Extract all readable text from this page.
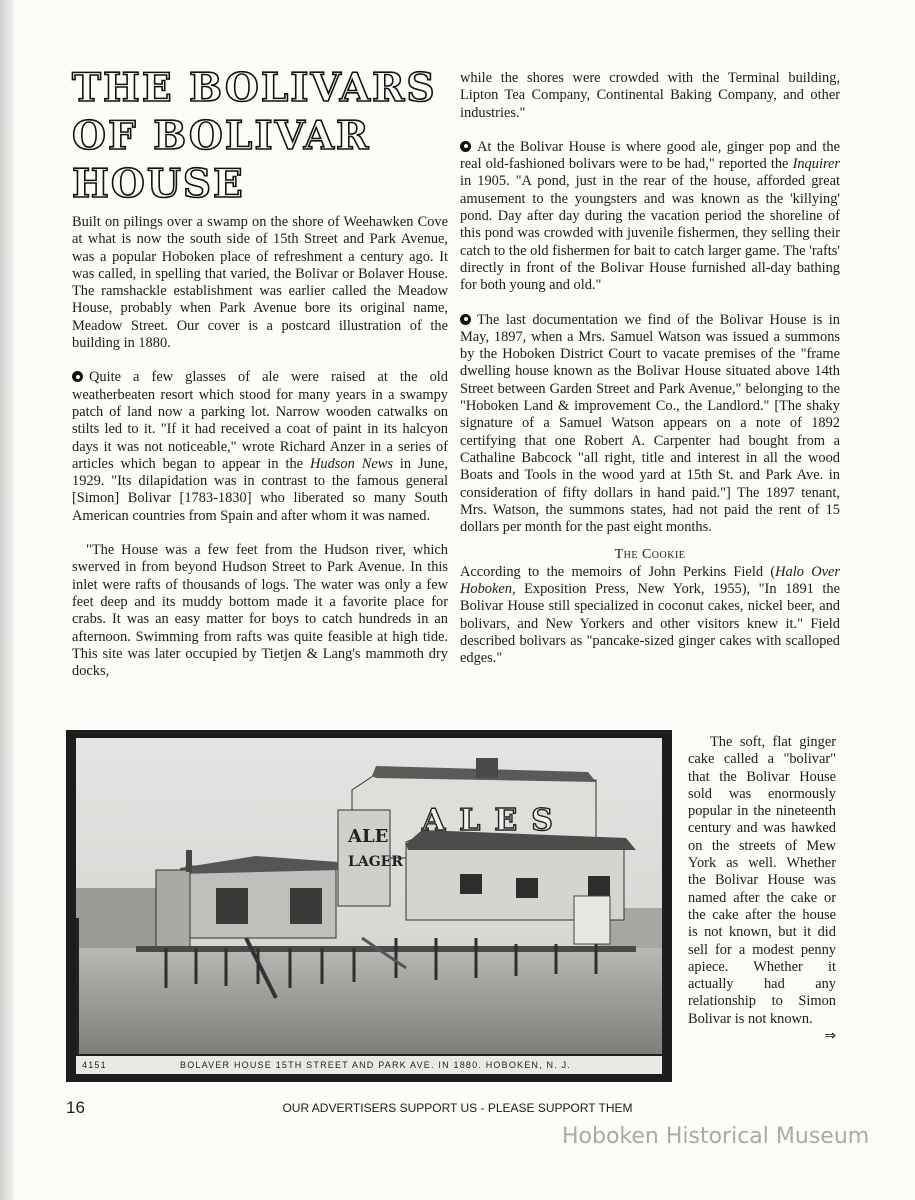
THE BOLIVARS OF BOLIVAR HOUSE

Built on pilings over a swamp on the shore of Weehawken Cove at what is now the south side of 15th Street and Park Avenue, was a popular Hoboken place of refreshment a century ago. It was called, in spelling that varied, the Bolivar or Bolaver House. The ramshackle establishment was earlier called the Meadow House, probably when Park Avenue bore its original name, Meadow Street. Our cover is a postcard illustration of the building in 1880.

Quite a few glasses of ale were raised at the old weatherbeaten resort which stood for many years in a swampy patch of land now a parking lot. Narrow wooden catwalks on stilts led to it. "If it had received a coat of paint in its halcyon days it was not noticeable," wrote Richard Anzer in a series of articles which began to appear in the Hudson News in June, 1929. "Its dilapidation was in contrast to the famous general [Simon] Bolivar [1783-1830] who liberated so many South American countries from Spain and after whom it was named.

"The House was a few feet from the Hudson river, which swerved in from beyond Hudson Street to Park Avenue. In this inlet were rafts of thousands of logs. The water was only a few feet deep and its muddy bottom made it a favorite place for crabs. It was an easy matter for boys to catch hundreds in an afternoon. Swimming from rafts was quite feasible at high tide. This site was later occupied by Tietjen & Lang's mammoth dry docks,

while the shores were crowded with the Terminal building, Lipton Tea Company, Continental Baking Company, and other industries."

At the Bolivar House is where good ale, ginger pop and the real old-fashioned bolivars were to be had," reported the Inquirer in 1905. "A pond, just in the rear of the house, afforded great amusement to the youngsters and was known as the 'killying' pond. Day after day during the vacation period the shoreline of this pond was crowded with juvenile fishermen, they selling their catch to the old fishermen for bait to catch larger game. The 'rafts' directly in front of the Bolivar House furnished all-day bathing for both young and old."

The last documentation we find of the Bolivar House is in May, 1897, when a Mrs. Samuel Watson was issued a summons by the Hoboken District Court to vacate premises of the "frame dwelling house known as the Bolivar House situated above 14th Street between Garden Street and Park Avenue," belonging to the "Hoboken Land & improvement Co., the Landlord." [The shaky signature of a Samuel Watson appears on a note of 1892 certifying that one Robert A. Carpenter had bought from a Cathaline Babcock "all right, title and interest in all the wood Boats and Tools in the wood yard at 15th St. and Park Ave. in consideration of fifty dollars in hand paid."] The 1897 tenant, Mrs. Watson, the summons states, had not paid the rent of 15 dollars per month for the past eight months.

The Cookie

According to the memoirs of John Perkins Field (Halo Over Hoboken, Exposition Press, New York, 1955), "In 1891 the Bolivar House still specialized in coconut cakes, nickel beer, and bolivars, and New Yorkers and other visitors knew it." Field described bolivars as "pancake-sized ginger cakes with scalloped edges."

ALE
LAGER
ALES
4151	BOLAVER HOUSE 15TH STREET AND PARK AVE. IN 1880. HOBOKEN, N. J.
The soft, flat ginger cake called a "bolivar" that the Bolivar House sold was enormously popular in the nineteenth century and was hawked on the streets of Mew York as well. Whether the Bolivar House was named after the cake or the cake after the house is not known, but it did sell for a modest penny apiece. Whether it actually had any relationship to Simon Bolivar is not known.
⇒
16	OUR ADVERTISERS SUPPORT US - PLEASE SUPPORT THEM
Hoboken Historical Museum
